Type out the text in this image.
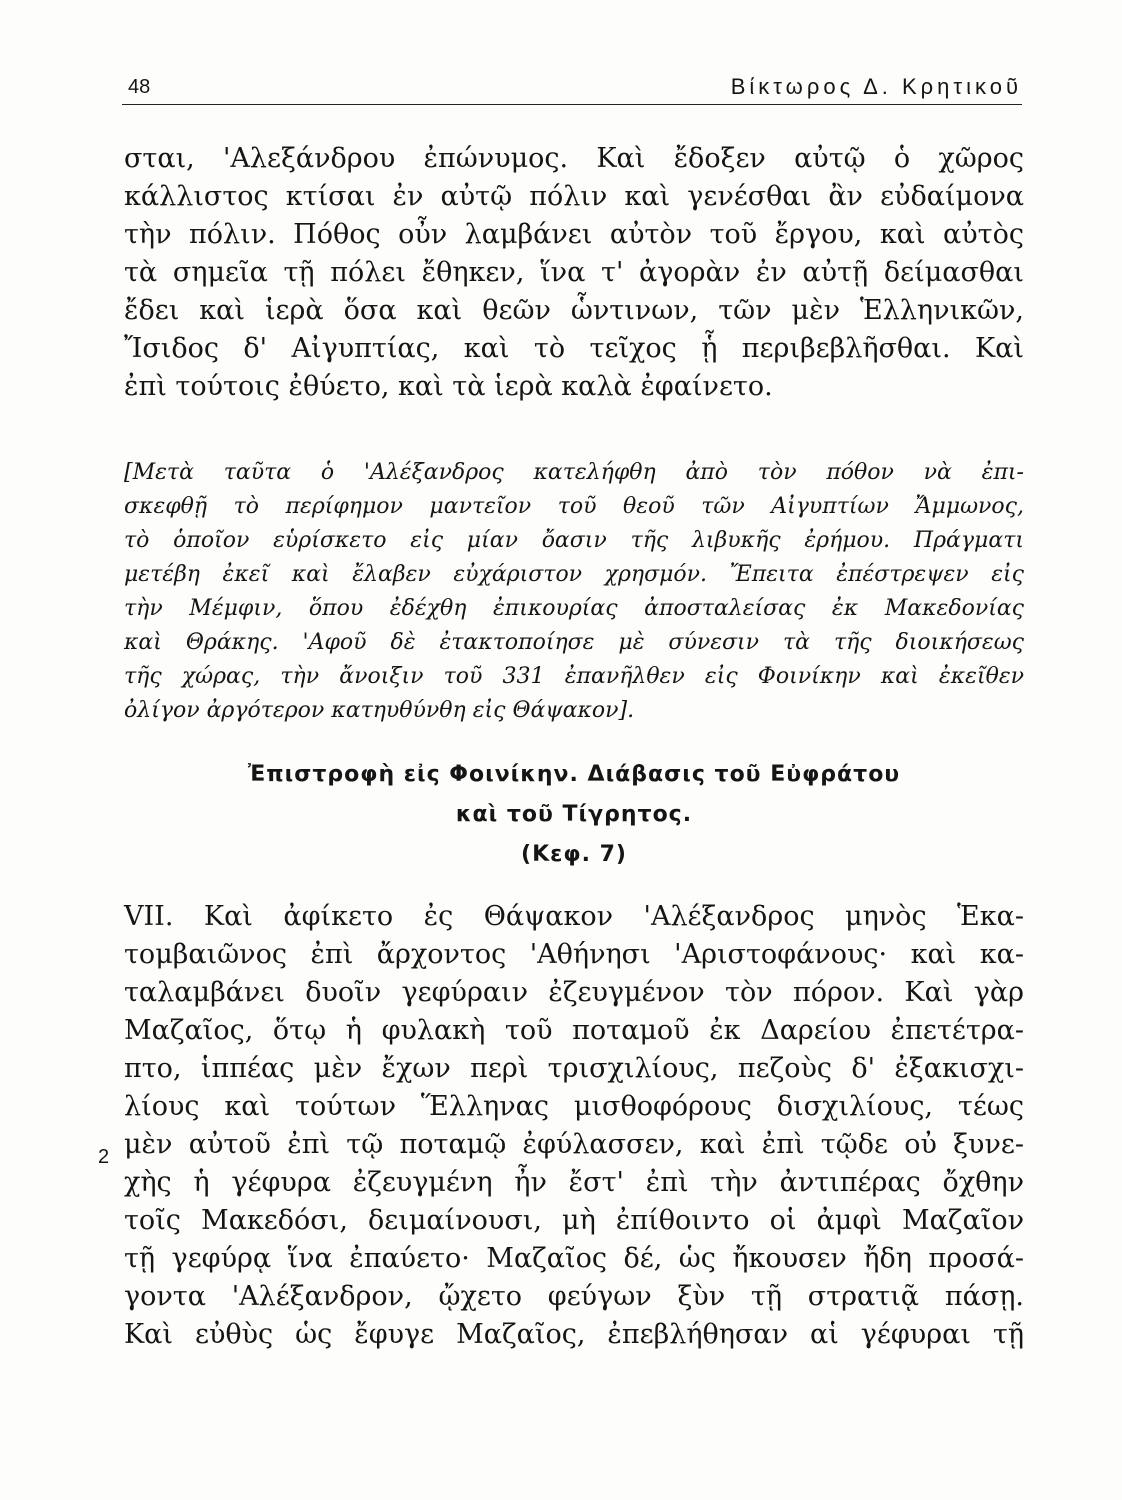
48	Βίκτωρος Δ. Κρητικοῦ
σται, 'Αλεξάνδρου ἐπώνυμος. Καὶ ἔδοξεν αὐτῷ ὁ χῶρος
κάλλιστος κτίσαι ἐν αὐτῷ πόλιν καὶ γενέσθαι ἂν εὐδαίμονα
τὴν πόλιν. Πόθος οὖν λαμβάνει αὐτὸν τοῦ ἔργου, καὶ αὐτὸς
τὰ σημεῖα τῇ πόλει ἔθηκεν, ἵνα τ' ἀγορὰν ἐν αὐτῇ δείμασθαι
ἔδει καὶ ἱερὰ ὅσα καὶ θεῶν ὧντινων, τῶν μὲν Ἑλληνικῶν,
Ἴσιδος δ' Αἰγυπτίας, καὶ τὸ τεῖχος ᾗ περιβεβλῆσθαι. Καὶ
ἐπὶ τούτοις ἐθύετο, καὶ τὰ ἱερὰ καλὰ ἐφαίνετο.
[Μετὰ ταῦτα ὁ 'Αλέξανδρος κατελήφθη ἀπὸ τὸν πόθον νὰ ἐπι-
σκεφθῇ τὸ περίφημον μαντεῖον τοῦ θεοῦ τῶν Αἰγυπτίων Ἄμμωνος,
τὸ ὁποῖον εὑρίσκετο εἰς μίαν ὄασιν τῆς λιβυκῆς ἐρήμου. Πράγματι
μετέβη ἐκεῖ καὶ ἔλαβεν εὐχάριστον χρησμόν. Ἔπειτα ἐπέστρεψεν εἰς
τὴν Μέμφιν, ὅπου ἐδέχθη ἐπικουρίας ἀποσταλείσας ἐκ Μακεδονίας
καὶ Θράκης. 'Αφοῦ δὲ ἐτακτοποίησε μὲ σύνεσιν τὰ τῆς διοικήσεως
τῆς χώρας, τὴν ἄνοιξιν τοῦ 331 ἐπανῆλθεν εἰς Φοινίκην καὶ ἐκεῖθεν
ὀλίγον ἀργότερον κατηυθύνθη εἰς Θάψακον].
Ἐπιστροφὴ εἰς Φοινίκην. Διάβασις τοῦ Εὐφράτου
καὶ τοῦ Τίγρητος.
(Κεφ. 7)
VII. Καὶ ἀφίκετο ἐς Θάψακον 'Αλέξανδρος μηνὸς Ἑκα-
τομβαιῶνος ἐπὶ ἄρχοντος 'Αθήνησι 'Αριστοφάνους· καὶ κα-
ταλαμβάνει δυοῖν γεφύραιν ἐζευγμένον τὸν πόρον. Καὶ γὰρ
Μαζαῖος, ὅτῳ ἡ φυλακὴ τοῦ ποταμοῦ ἐκ Δαρείου ἐπετέτρα-
πτο, ἱππέας μὲν ἔχων περὶ τρισχιλίους, πεζοὺς δ' ἐξακισχι-
λίους καὶ τούτων Ἕλληνας μισθοφόρους δισχιλίους, τέως
μὲν αὐτοῦ ἐπὶ τῷ ποταμῷ ἐφύλασσεν, καὶ ἐπὶ τῷδε οὐ ξυνε-
χὴς ἡ γέφυρα ἐζευγμένη ἦν ἔστ' ἐπὶ τὴν ἀντιπέρας ὄχθην
τοῖς Μακεδόσι, δειμαίνουσι, μὴ ἐπίθοιντο οἱ ἀμφὶ Μαζαῖον
τῇ γεφύρᾳ ἵνα ἐπαύετο· Μαζαῖος δέ, ὡς ἤκουσεν ἤδη προσά-
γοντα 'Αλέξανδρον, ᾤχετο φεύγων ξὺν τῇ στρατιᾷ πάσῃ.
Καὶ εὐθὺς ὡς ἔφυγε Μαζαῖος, ἐπεβλήθησαν αἱ γέφυραι τῇ
2
